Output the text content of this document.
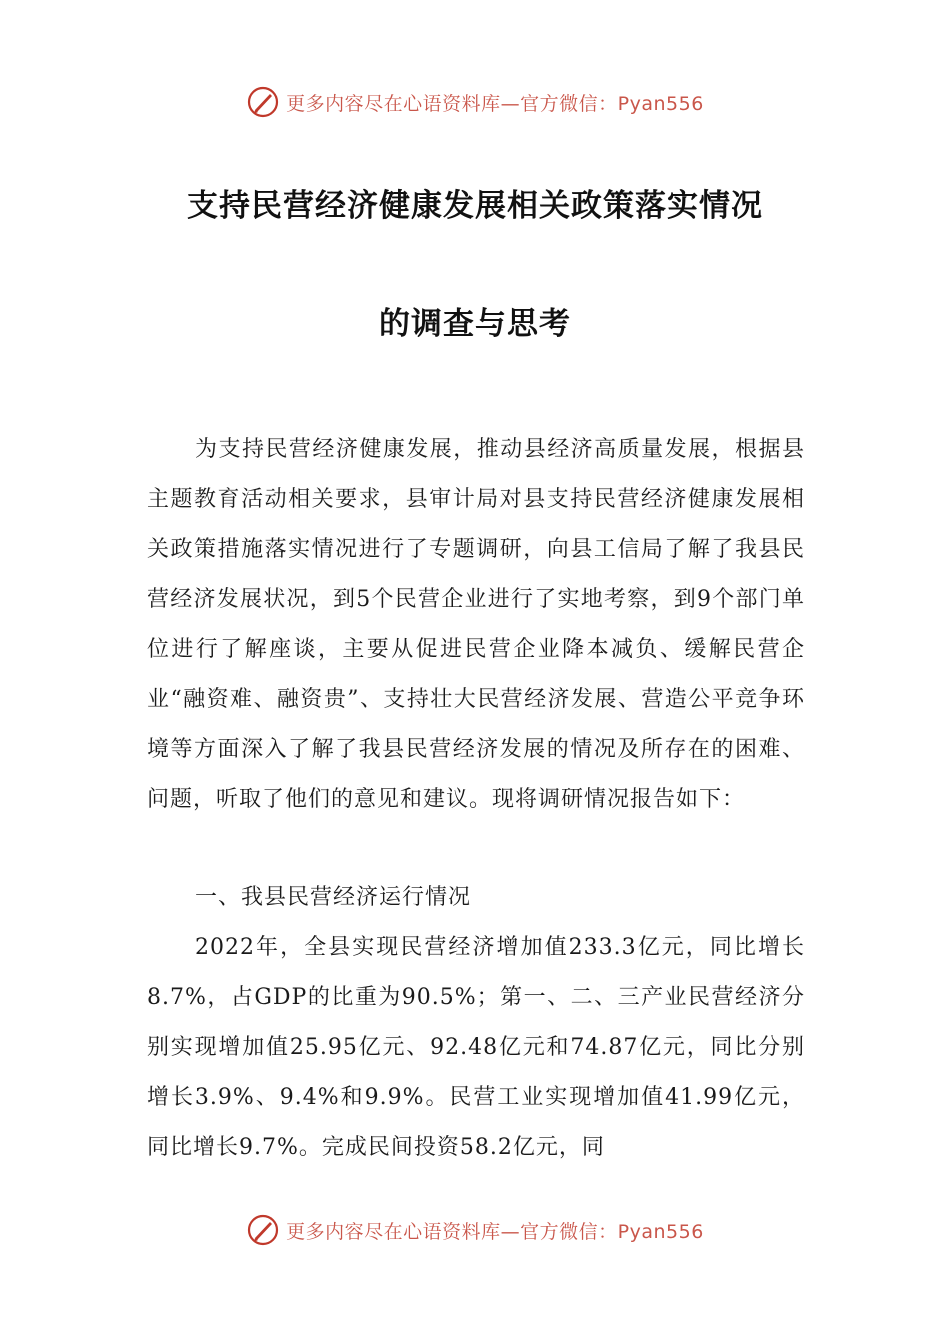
更多内容尽在心语资料库—官方微信：Pyan556
支持民营经济健康发展相关政策落实情况
的调查与思考
为支持民营经济健康发展，推动县经济高质量发展，根据县主题教育活动相关要求，县审计局对县支持民营经济健康发展相关政策措施落实情况进行了专题调研，向县工信局了解了我县民营经济发展状况，到5个民营企业进行了实地考察，到9个部门单位进行了解座谈，主要从促进民营企业降本减负、缓解民营企业“融资难、融资贵”、支持壮大民营经济发展、营造公平竞争环境等方面深入了解了我县民营经济发展的情况及所存在的困难、问题，听取了他们的意见和建议。现将调研情况报告如下：
一、我县民营经济运行情况
2022年，全县实现民营经济增加值233.3亿元，同比增长8.7%，占GDP的比重为90.5%；第一、二、三产业民营经济分别实现增加值25.95亿元、92.48亿元和74.87亿元，同比分别增长3.9%、9.4%和9.9%。民营工业实现增加值41.99亿元，同比增长9.7%。完成民间投资58.2亿元，同
更多内容尽在心语资料库—官方微信：Pyan556
